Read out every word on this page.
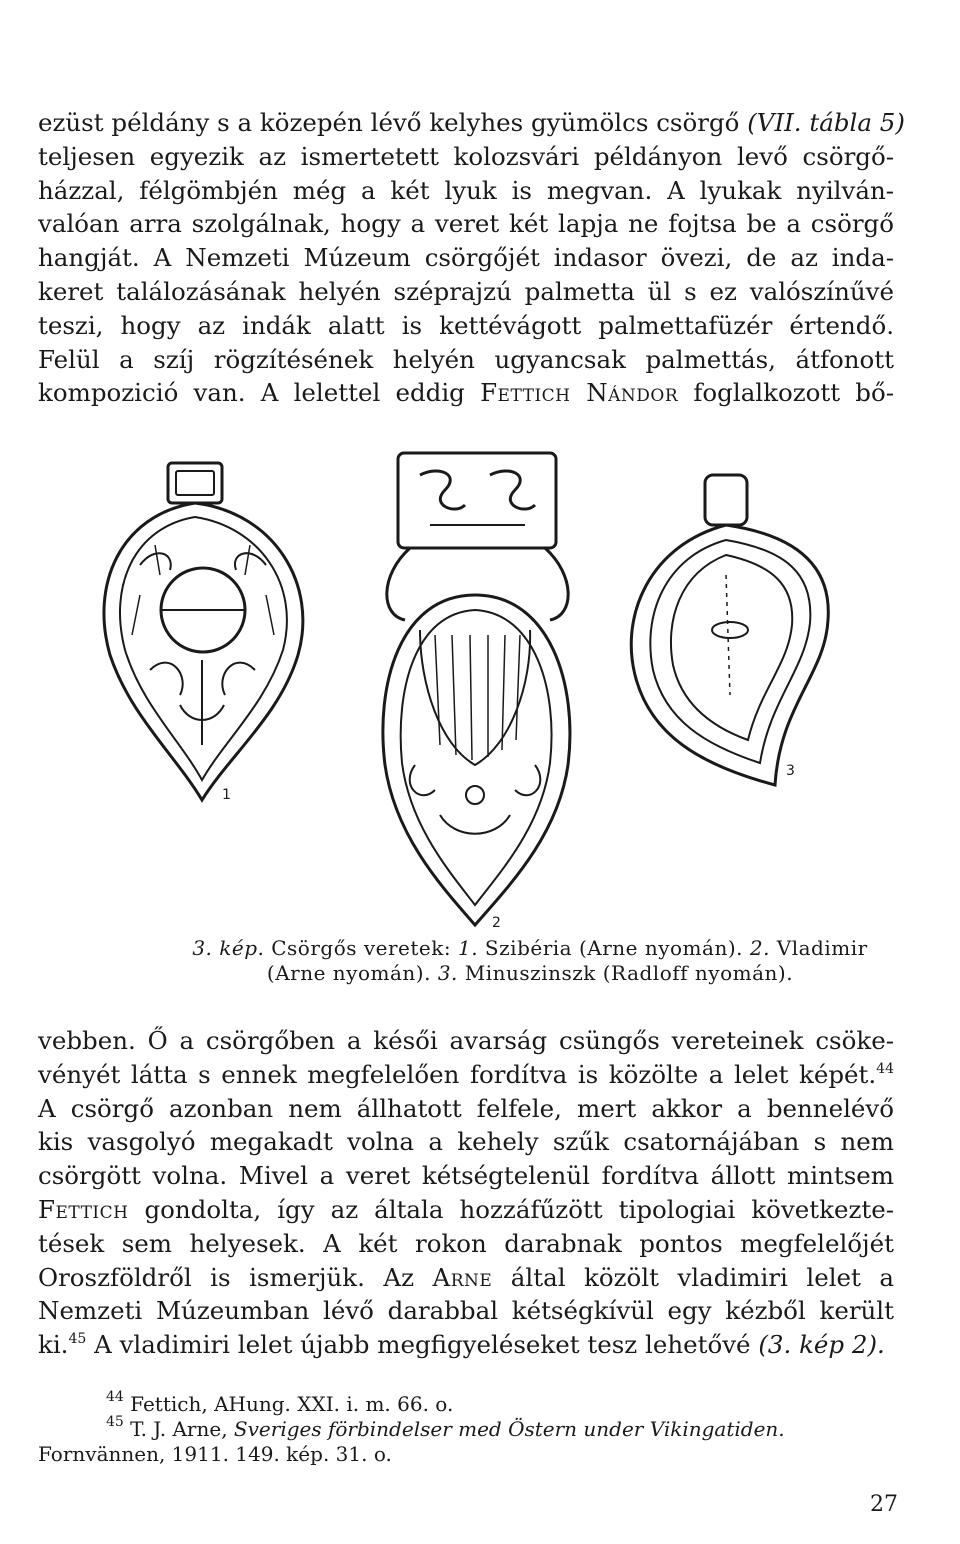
ezüst példány s a közepén lévő kelyhes gyümölcs csörgő (VII. tábla 5)
teljesen egyezik az ismertetett kolozsvári példányon levő csörgő-
házzal, félgömbjén még a két lyuk is megvan. A lyukak nyilván-
valóan arra szolgálnak, hogy a veret két lapja ne fojtsa be a csörgő
hangját. A Nemzeti Múzeum csörgőjét indasor övezi, de az inda-
keret találozásának helyén széprajzú palmetta ül s ez valószínűvé
teszi, hogy az indák alatt is kettévágott palmettafüzér értendő.
Felül a szíj rögzítésének helyén ugyancsak palmettás, átfonott
kompozició van. A lelettel eddig Fettich Nándor foglalkozott bő-
1
2
3
3. kép. Csörgős veretek: 1. Szibéria (Arne nyomán). 2. Vladimir (Arne nyomán). 3. Minuszinszk (Radloff nyomán).
vebben. Ő a csörgőben a késői avarság csüngős vereteinek csöke-
vényét látta s ennek megfelelően fordítva is közölte a lelet képét.$^{44}$
A csörgő azonban nem állhatott felfele, mert akkor a bennelévő
kis vasgolyó megakadt volna a kehely szűk csatornájában s nem
csörgött volna. Mivel a veret kétségtelenül fordítva állott mintsem
Fettich gondolta, így az általa hozzáfűzött tipologiai következte-
tések sem helyesek. A két rokon darabnak pontos megfelelőjét
Oroszföldről is ismerjük. Az Arne által közölt vladimiri lelet a
Nemzeti Múzeumban lévő darabbal kétségkívül egy kézből került
ki.$^{45}$ A vladimiri lelet újabb megfigyeléseket tesz lehetővé (3. kép 2).
$^{44}$ Fettich, AHung. XXI. i. m. 66. o.
$^{45}$ T. J. Arne, Sveriges förbindelser med Östern under Vikingatiden.
Fornvännen, 1911. 149. kép. 31. o.
27
